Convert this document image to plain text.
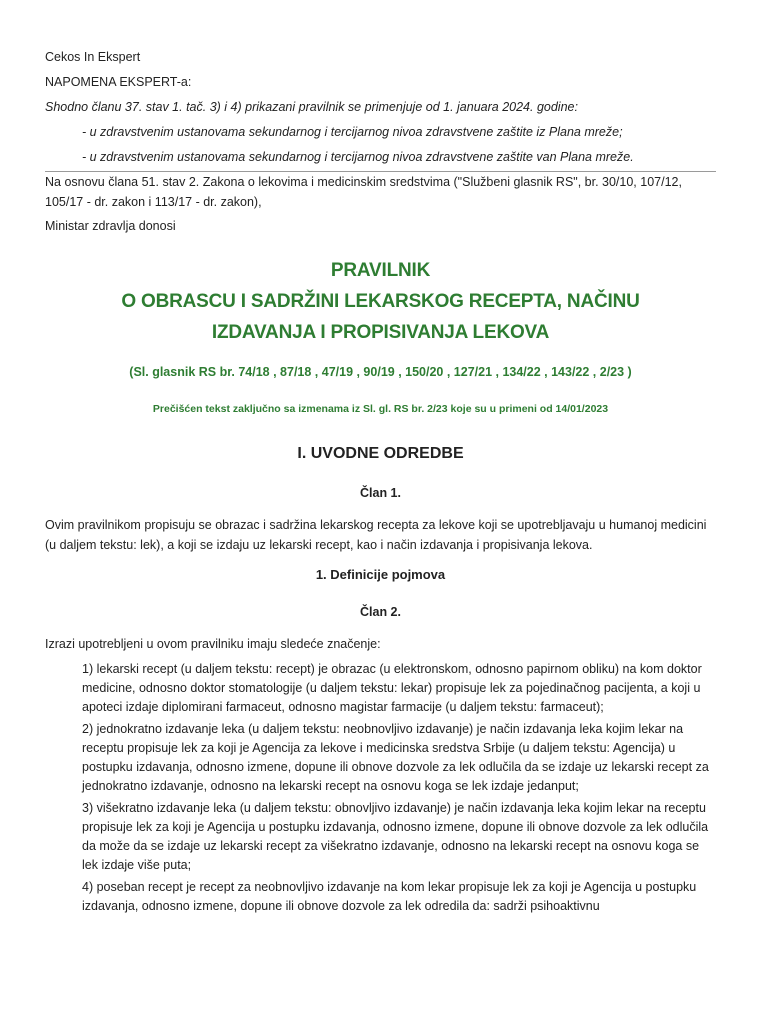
Cekos In Ekspert
NAPOMENA EKSPERT-a:
Shodno članu 37. stav 1. tač. 3) i 4) prikazani pravilnik se primenjuje od 1. januara 2024. godine:
- u zdravstvenim ustanovama sekundarnog i tercijarnog nivoa zdravstvene zaštite iz Plana mreže;
- u zdravstvenim ustanovama sekundarnog i tercijarnog nivoa zdravstvene zaštite van Plana mreže.
Na osnovu člana 51. stav 2. Zakona o lekovima i medicinskim sredstvima ("Službeni glasnik RS", br. 30/10, 107/12, 105/17 - dr. zakon i 113/17 - dr. zakon),
Ministar zdravlja donosi
PRAVILNIK
O OBRASCU I SADRŽINI LEKARSKOG RECEPTA, NAČINU
IZDAVANJA I PROPISIVANJA LEKOVA
(Sl. glasnik RS br. 74/18 , 87/18 , 47/19 , 90/19 , 150/20 , 127/21 , 134/22 , 143/22 , 2/23 )
Prečišćen tekst zaključno sa izmenama iz Sl. gl. RS br. 2/23 koje su u primeni od 14/01/2023
I. UVODNE ODREDBE
Član 1.

Ovim pravilnikom propisuju se obrazac i sadržina lekarskog recepta za lekove koji se upotrebljavaju u humanoj medicini (u daljem tekstu: lek), a koji se izdaju uz lekarski recept, kao i način izdavanja i propisivanja lekova.

1. Definicije pojmova
Član 2.

Izrazi upotrebljeni u ovom pravilniku imaju sledeće značenje:

1) lekarski recept (u daljem tekstu: recept) je obrazac (u elektronskom, odnosno papirnom obliku) na kom doktor medicine, odnosno doktor stomatologije (u daljem tekstu: lekar) propisuje lek za pojedinačnog pacijenta, a koji u apoteci izdaje diplomirani farmaceut, odnosno magistar farmacije (u daljem tekstu: farmaceut);

2) jednokratno izdavanje leka (u daljem tekstu: neobnovljivo izdavanje) je način izdavanja leka kojim lekar na receptu propisuje lek za koji je Agencija za lekove i medicinska sredstva Srbije (u daljem tekstu: Agencija) u postupku izdavanja, odnosno izmene, dopune ili obnove dozvole za lek odlučila da se izdaje uz lekarski recept za jednokratno izdavanje, odnosno na lekarski recept na osnovu koga se lek izdaje jedanput;

3) višekratno izdavanje leka (u daljem tekstu: obnovljivo izdavanje) je način izdavanja leka kojim lekar na receptu propisuje lek za koji je Agencija u postupku izdavanja, odnosno izmene, dopune ili obnove dozvole za lek odlučila da može da se izdaje uz lekarski recept za višekratno izdavanje, odnosno na lekarski recept na osnovu koga se lek izdaje više puta;

4) poseban recept je recept za neobnovljivo izdavanje na kom lekar propisuje lek za koji je Agencija u postupku izdavanja, odnosno izmene, dopune ili obnove dozvole za lek odredila da: sadrži psihoaktivnu
